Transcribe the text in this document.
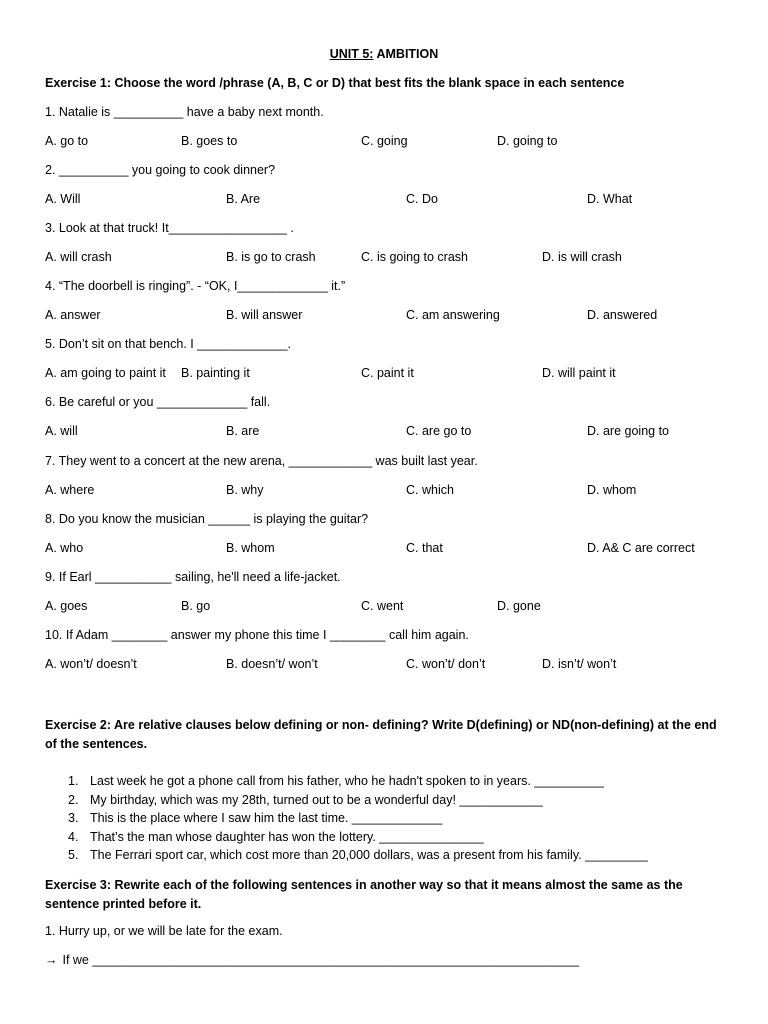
UNIT 5: AMBITION
Exercise 1: Choose the word /phrase (A, B, C or D) that best fits the blank space in each sentence
1. Natalie is __________ have a baby next month.
A. go to	B. goes to	C. going	D. going to
2. __________ you going to cook dinner?
A. Will	B. Are	C. Do	D. What
3. Look at that truck! It_________________ .
A. will crash	B. is go to crash	C. is going to crash	D. is will crash
4. “The doorbell is ringing”. - “OK, I_____________ it.”
A. answer	B. will answer	C. am answering	D. answered
5. Don’t sit on that bench. I _____________.
A. am going to paint it B. painting it	C. paint it	D. will paint it
6. Be careful or you _____________ fall.
A. will	B. are	C. are go to	D. are going to
7. They went to a concert at the new arena, ____________ was built last year.
A. where	B. why	C. which	D. whom
8. Do you know the musician ______ is playing the guitar?
A. who	B. whom	C. that	D. A& C are correct
9. If Earl ___________ sailing, he'll need a life-jacket.
A. goes	B. go	C. went	D. gone
10. If Adam ________ answer my phone this time I ________ call him again.
A. won’t/ doesn’t	B. doesn’t/ won’t	C. won’t/ don’t	D. isn’t/ won’t
Exercise 2: Are relative clauses below defining or non- defining? Write D(defining) or ND(non-defining) at the end of the sentences.
1. Last week he got a phone call from his father, who he hadn't spoken to in years. __________
2. My birthday, which was my 28th, turned out to be a wonderful day! ____________
3. This is the place where I saw him the last time. _____________
4. That’s the man whose daughter has won the lottery. _______________
5. The Ferrari sport car, which cost more than 20,000 dollars, was a present from his family. _________
Exercise 3: Rewrite each of the following sentences in another way so that it means almost the same as the sentence printed before it.
1. Hurry up, or we will be late for the exam.
→ If we ______________________________________________________________________
